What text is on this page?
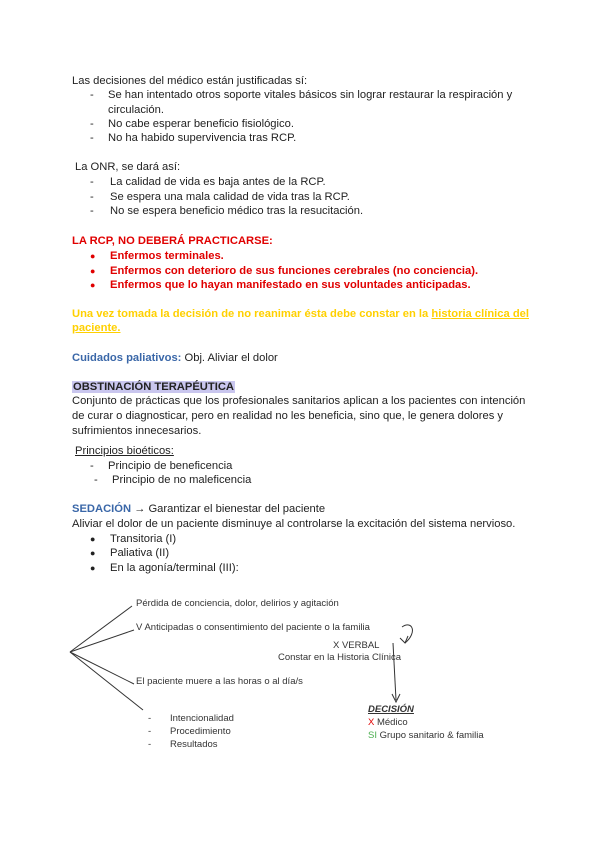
Las decisiones del médico están justificadas sí:
- Se han intentado otros soporte vitales básicos sin lograr restaurar la respiración y circulación.
- No cabe esperar beneficio fisiológico.
- No ha habido supervivencia tras RCP.
La ONR, se dará así:
- La calidad de vida es baja antes de la RCP.
- Se espera una mala calidad de vida tras la RCP.
- No se espera beneficio médico tras la resucitación.
LA RCP, NO DEBERÁ PRACTICARSE:
● Enfermos terminales.
● Enfermos con deterioro de sus funciones cerebrales (no conciencia).
● Enfermos que lo hayan manifestado en sus voluntades anticipadas.
Una vez tomada la decisión de no reanimar ésta debe constar en la historia clínica del
paciente.
Cuidados paliativos: Obj. Aliviar el dolor
OBSTINACIÓN TERAPÉUTICA
Conjunto de prácticas que los profesionales sanitarios aplican a los pacientes con intención de curar o diagnosticar, pero en realidad no les beneficia, sino que, le genera dolores y sufrimientos innecesarios.
Principios bioéticos:
- Principio de beneficencia
- Principio de no maleficencia
SEDACIÓN → Garantizar el bienestar del paciente
Aliviar el dolor de un paciente disminuye al controlarse la excitación del sistema nervioso.
● Transitoria (I)
● Paliativa (II)
● En la agonía/terminal (III):
Pérdida de conciencia, dolor, delirios y agitación
V Anticipadas o consentimiento del paciente o la familia
X VERBAL
Constar en la Historia Clínica
El paciente muere a las horas o al día/s
- Intencionalidad
- Procedimiento
- Resultados
DECISIÓN
X Médico
SI Grupo sanitario & familia
